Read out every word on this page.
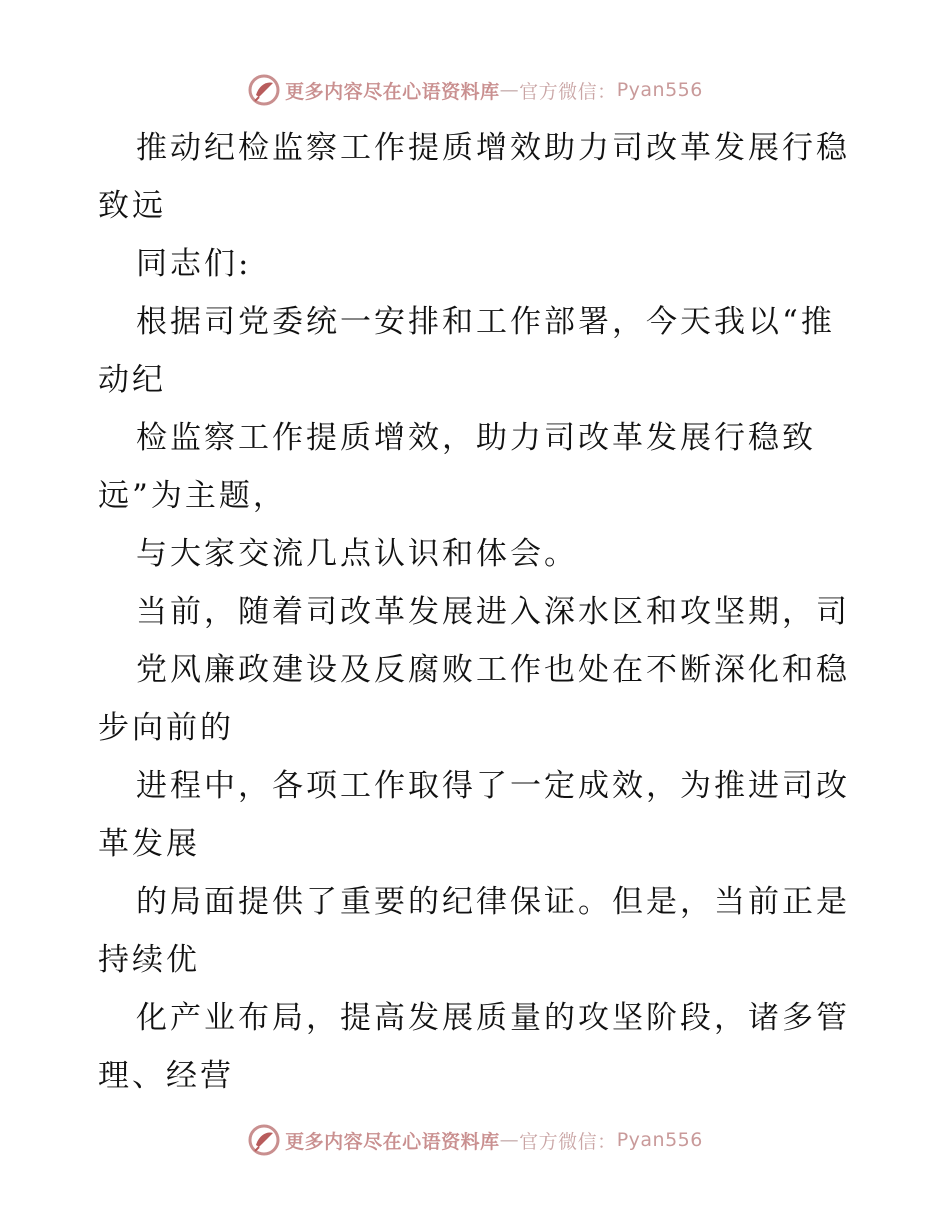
更多内容尽在心语资料库 — 官方微信： Pyan556
推动纪检监察工作提质增效助力司改革发展行稳
致远
同志们:
根据司党委统一安排和工作部署，今天我以“推
动纪
检监察工作提质增效，助力司改革发展行稳致
远”为主题，
与大家交流几点认识和体会。
当前，随着司改革发展进入深水区和攻坚期，司
党风廉政建设及反腐败工作也处在不断深化和稳
步向前的
进程中，各项工作取得了一定成效，为推进司改
革发展
的局面提供了重要的纪律保证。但是，当前正是
持续优
化产业布局，提高发展质量的攻坚阶段，诸多管
理、经营
更多内容尽在心语资料库 — 官方微信： Pyan556
